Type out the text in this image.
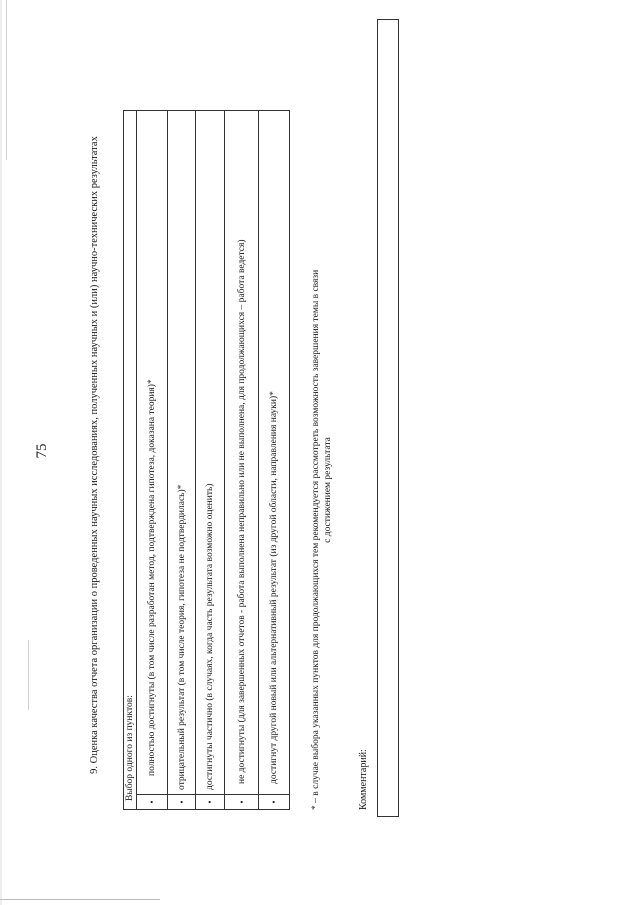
75	9. Оценка качества отчета организации о проведенных научных исследованиях, полученных научных и (или) научно-технических результатах	Выбор одного из пунктов:	
•	полностью достигнуты (в том числе разработан метод, подтверждена гипотеза, доказана теория)*
•	отрицательный результат (в том числе теория, гипотеза не подтвердилась)*
•	достигнуты частично (в случаях, когда часть результата возможно оценить)
•	не достигнуты (для завершенных отчетов - работа выполнена неправильно или не выполнена, для продолжающихся – работа ведется)
•	достигнут другой новый или альтернативный результат (из другой области, направления науки)*	* – в случае выбора указанных пунктов для продолжающихся тем рекомендуется рассмотреть возможность завершения темы в связи с достижением результата
Комментарий:
